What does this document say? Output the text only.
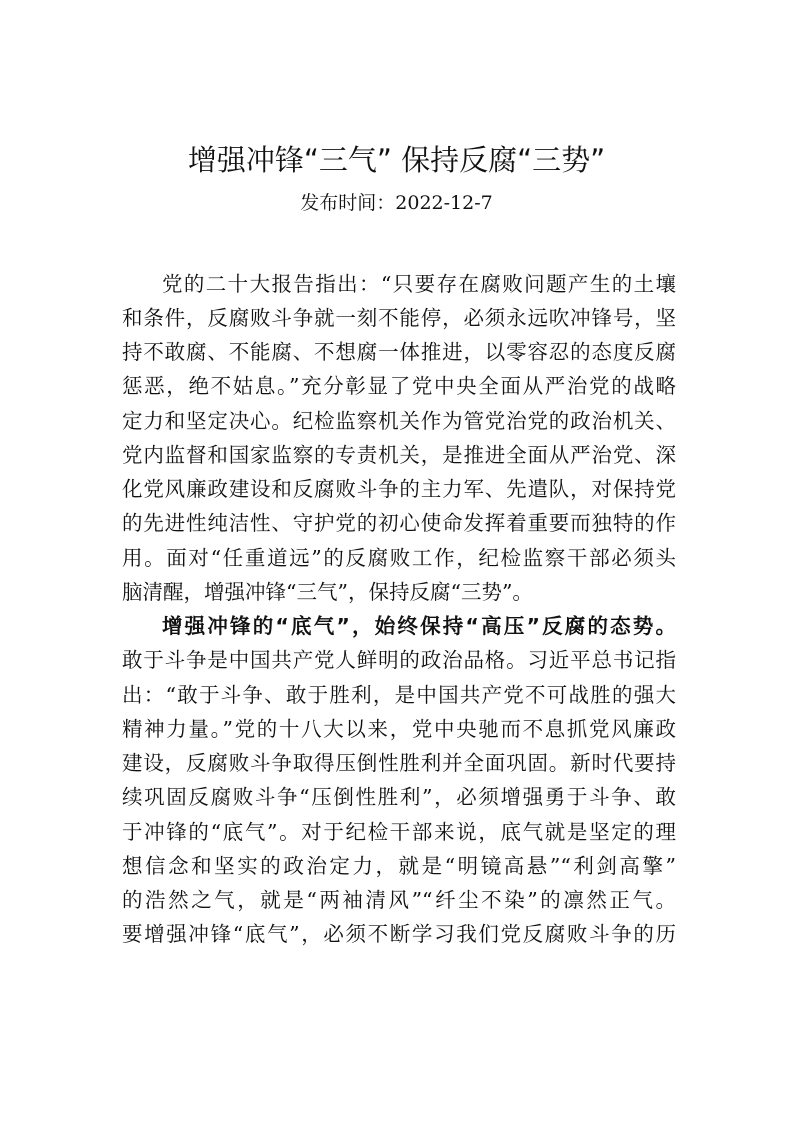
增强冲锋“三气” 保持反腐“三势”
发布时间：2022-12-7
党的二十大报告指出：“只要存在腐败问题产生的土壤
和条件，反腐败斗争就一刻不能停，必须永远吹冲锋号，坚
持不敢腐、不能腐、不想腐一体推进，以零容忍的态度反腐
惩恶，绝不姑息。”充分彰显了党中央全面从严治党的战略
定力和坚定决心。纪检监察机关作为管党治党的政治机关、
党内监督和国家监察的专责机关，是推进全面从严治党、深
化党风廉政建设和反腐败斗争的主力军、先遣队，对保持党
的先进性纯洁性、守护党的初心使命发挥着重要而独特的作
用。面对“任重道远”的反腐败工作，纪检监察干部必须头
脑清醒，增强冲锋“三气”，保持反腐“三势”。
增强冲锋的“底气”，始终保持“高压”反腐的态势。
敢于斗争是中国共产党人鲜明的政治品格。习近平总书记指
出：“敢于斗争、敢于胜利，是中国共产党不可战胜的强大
精神力量。”党的十八大以来，党中央驰而不息抓党风廉政
建设，反腐败斗争取得压倒性胜利并全面巩固。新时代要持
续巩固反腐败斗争“压倒性胜利”，必须增强勇于斗争、敢
于冲锋的“底气”。对于纪检干部来说，底气就是坚定的理
想信念和坚实的政治定力，就是“明镜高悬”“利剑高擎”
的浩然之气，就是“两袖清风”“纤尘不染”的凛然正气。
要增强冲锋“底气”，必须不断学习我们党反腐败斗争的历
